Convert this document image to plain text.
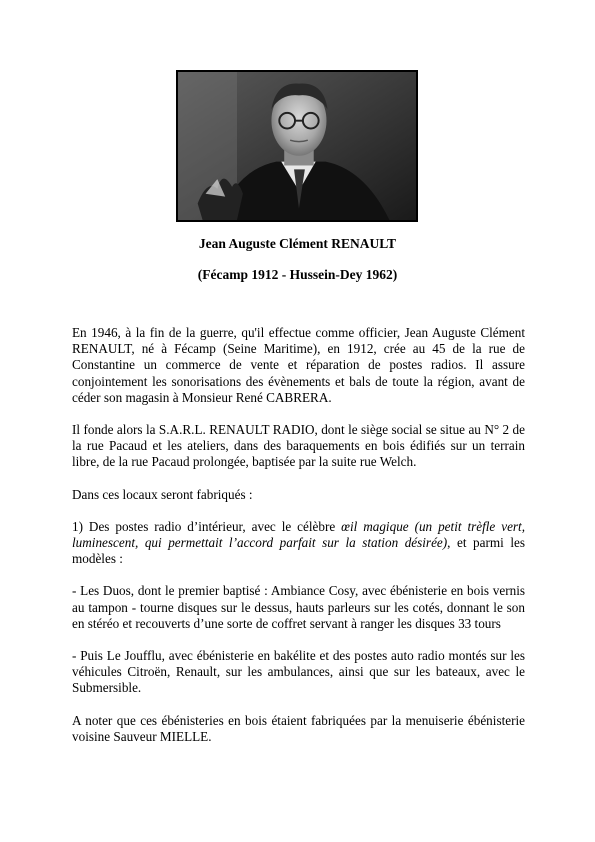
Jean Auguste Clément RENAULT
(Fécamp 1912 - Hussein-Dey 1962)

En 1946, à la fin de la guerre, qu'il effectue comme officier, Jean Auguste Clément RENAULT, né à Fécamp (Seine Maritime), en 1912, crée au 45 de la rue de Constantine un commerce de vente et réparation de postes radios. Il assure conjointement les sonorisations des évènements et bals de toute la région, avant de céder son magasin à Monsieur René CABRERA.

Il fonde alors la S.A.R.L. RENAULT RADIO, dont le siège social se situe au N° 2 de la rue Pacaud et les ateliers, dans des baraquements en bois édifiés sur un terrain libre, de la rue Pacaud prolongée, baptisée par la suite rue Welch.

Dans ces locaux seront fabriqués :

1) Des postes radio d’intérieur, avec le célèbre œil magique (un petit trèfle vert, luminescent, qui permettait l’accord parfait sur la station désirée), et parmi les modèles :

- Les Duos, dont le premier baptisé : Ambiance Cosy, avec ébénisterie en bois vernis au tampon - tourne disques sur le dessus, hauts parleurs sur les cotés, donnant le son en stéréo et recouverts d’une sorte de coffret servant à ranger les disques 33 tours

- Puis Le Joufflu, avec ébénisterie en bakélite et des postes auto radio montés sur les véhicules Citroën, Renault, sur les ambulances, ainsi que sur les bateaux, avec le Submersible.

A noter que ces ébénisteries en bois étaient fabriquées par la menuiserie ébénisterie voisine Sauveur MIELLE.
